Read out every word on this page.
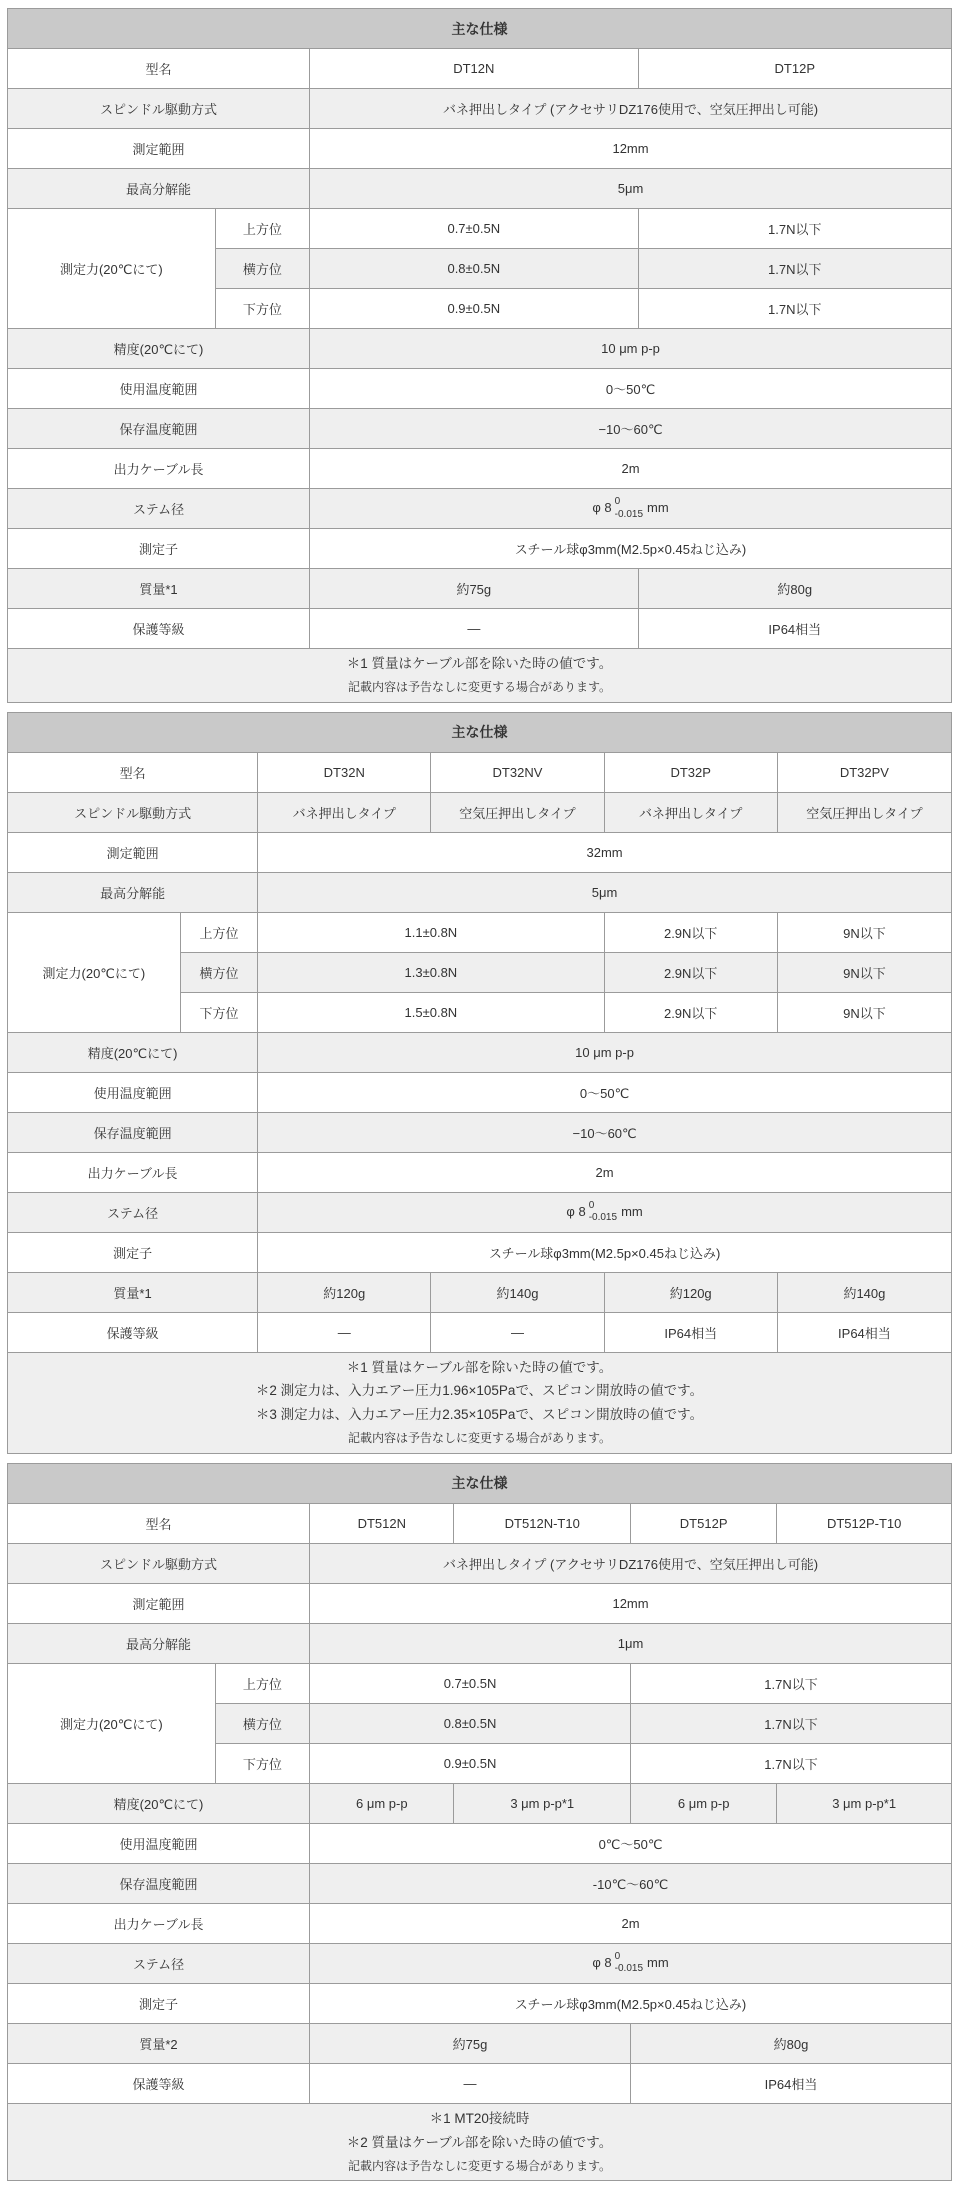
主な仕様			
型名		DT12N	DT12P
スピンドル駆動方式		バネ押出しタイプ (アクセサリDZ176使用で、空気圧押出し可能)	
測定範囲		12mm	
最高分解能		5μm	
測定力(20℃にて)	上方位	0.7±0.5N	1.7N以下
	横方位	0.8±0.5N	1.7N以下
	下方位	0.9±0.5N	1.7N以下
精度(20℃にて)		10 μm p-p	
使用温度範囲		0～50℃	
保存温度範囲		−10～60℃	
出力ケーブル長		2m	
ステム径		φ 8 0
-0.015 mm	
測定子		スチール球φ3mm(M2.5p×0.45ねじ込み)	
質量*1		約75g	約80g
保護等級		―	IP64相当

＊1 質量はケーブル部を除いた時の値です。
記載内容は予告なしに変更する場合があります。			
主な仕様					
型名		DT32N	DT32NV	DT32P	DT32PV
スピンドル駆動方式		バネ押出しタイプ	空気圧押出しタイプ	バネ押出しタイプ	空気圧押出しタイプ
測定範囲		32mm			
最高分解能		5μm			
測定力(20℃にて)	上方位	1.1±0.8N		2.9N以下	9N以下
	横方位	1.3±0.8N		2.9N以下	9N以下
	下方位	1.5±0.8N		2.9N以下	9N以下
精度(20℃にて)		10 μm p-p			
使用温度範囲		0～50℃			
保存温度範囲		−10～60℃			
出力ケーブル長		2m			
ステム径		φ 8 0
-0.015 mm			
測定子		スチール球φ3mm(M2.5p×0.45ねじ込み)			
質量*1		約120g	約140g	約120g	約140g
保護等級		―	―	IP64相当	IP64相当

＊1 質量はケーブル部を除いた時の値です。
＊2 測定力は、入力エアー圧力1.96×105Paで、スピコン開放時の値です。
＊3 測定力は、入力エアー圧力2.35×105Paで、スピコン開放時の値です。
記載内容は予告なしに変更する場合があります。					
主な仕様					
型名		DT512N	DT512N-T10	DT512P	DT512P-T10
スピンドル駆動方式		バネ押出しタイプ (アクセサリDZ176使用で、空気圧押出し可能)			
測定範囲		12mm			
最高分解能		1μm			
測定力(20℃にて)	上方位	0.7±0.5N		1.7N以下	
	横方位	0.8±0.5N		1.7N以下	
	下方位	0.9±0.5N		1.7N以下	
精度(20℃にて)		6 μm p-p	3 μm p-p*1	6 μm p-p	3 μm p-p*1
使用温度範囲		0℃～50℃			
保存温度範囲		-10℃～60℃			
出力ケーブル長		2m			
ステム径		φ 8 0
-0.015 mm			
測定子		スチール球φ3mm(M2.5p×0.45ねじ込み)			
質量*2		約75g		約80g	
保護等級		―		IP64相当	

＊1 MT20接続時
＊2 質量はケーブル部を除いた時の値です。
記載内容は予告なしに変更する場合があります。					
